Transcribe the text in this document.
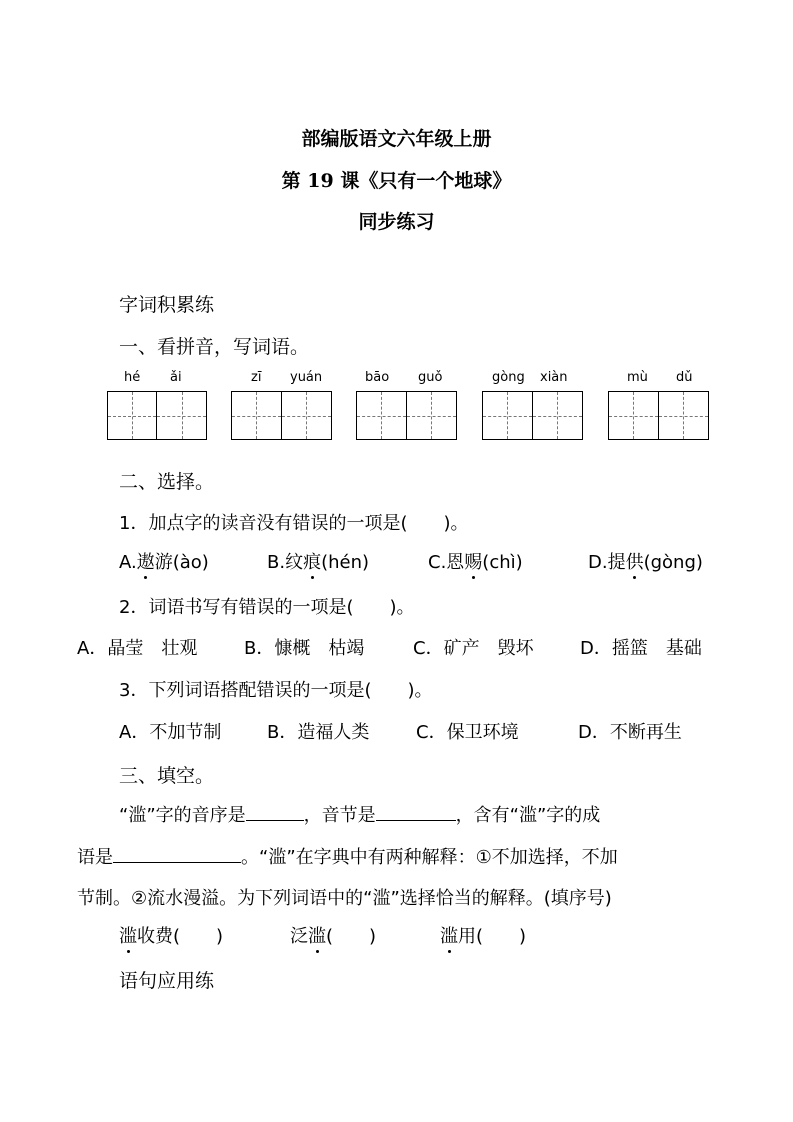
部编版语文六年级上册
第 19 课《只有一个地球》
同步练习
字词积累练
一、看拼音，写词语。
hé ǎi	zī yuán	bāo guǒ	gòng xiàn	mù dǔ
二、选择。
1．加点字的读音没有错误的一项是(　　)。
A.遨游(ào)	B.纹痕(hén)	C.恩赐(chì)	D.提供(gòng)
2．词语书写有错误的一项是(　　)。
A．晶莹　壮观	B．慷概　枯竭	C．矿产　毁坏	D．摇篮　基础
3．下列词语搭配错误的一项是(　　)。
A．不加节制	B．造福人类	C．保卫环境	D．不断再生
三、填空。
“滥”字的音序是	，音节是	，含有“滥”字的成
语是	。“滥”在字典中有两种解释：①不加选择，不加
节制。②流水漫溢。为下列词语中的“滥”选择恰当的解释。(填序号)
滥收费(　　)	泛滥(　　)	滥用(　　)
语句应用练
